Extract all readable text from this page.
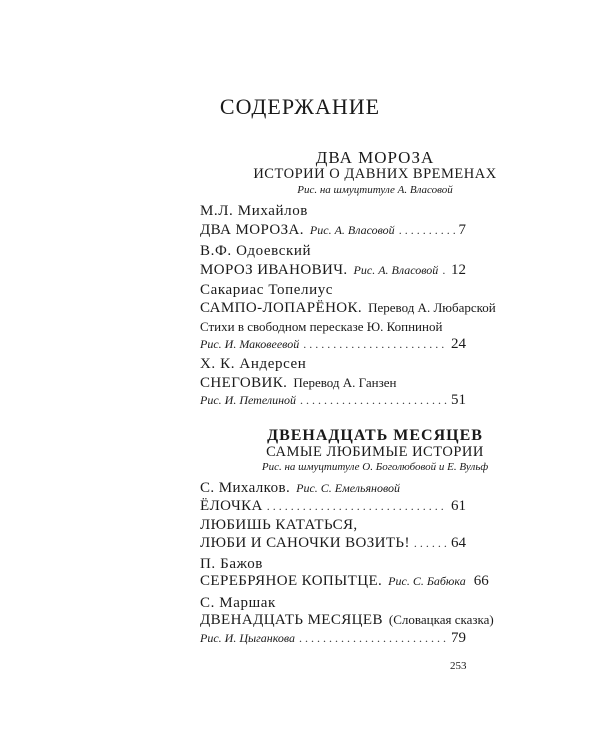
СОДЕРЖАНИЕ
ДВА МОРОЗА
ИСТОРИИ О ДАВНИХ ВРЕМЕНАХ
Рис. на шмуцтитуле А. Власовой
М.Л. Михайлов
ДВА МОРОЗА. Рис. А. Власовой . . .	7
В.Ф. Одоевский
МОРОЗ ИВАНОВИЧ. Рис. А. Власовой . . . 12
Сакариас Топелиус
САМПО-ЛОПАРЁНОК. Перевод А. Любарской
Стихи в свободном пересказе Ю. Копниной
Рис. И. Маковеевой . . .	24
Х. К. Андерсен
СНЕГОВИК. Перевод А. Ганзен
Рис. И. Петелиной . . .	51
ДВЕНАДЦАТЬ МЕСЯЦЕВ
САМЫЕ ЛЮБИМЫЕ ИСТОРИИ
Рис. на шмуцтитуле О. Боголюбовой и Е. Вульф
С. Михалков. Рис. С. Емельяновой
ЁЛОЧКА . . .	61
ЛЮБИШЬ КАТАТЬСЯ,
ЛЮБИ И САНОЧКИ ВОЗИТЬ! . . .	64
П. Бажов
СЕРЕБРЯНОЕ КОПЫТЦЕ. Рис. С. Бабюка 66
С. Маршак
ДВЕНАДЦАТЬ МЕСЯЦЕВ (Словацкая сказка)
Рис. И. Цыганкова . . .	79
253
